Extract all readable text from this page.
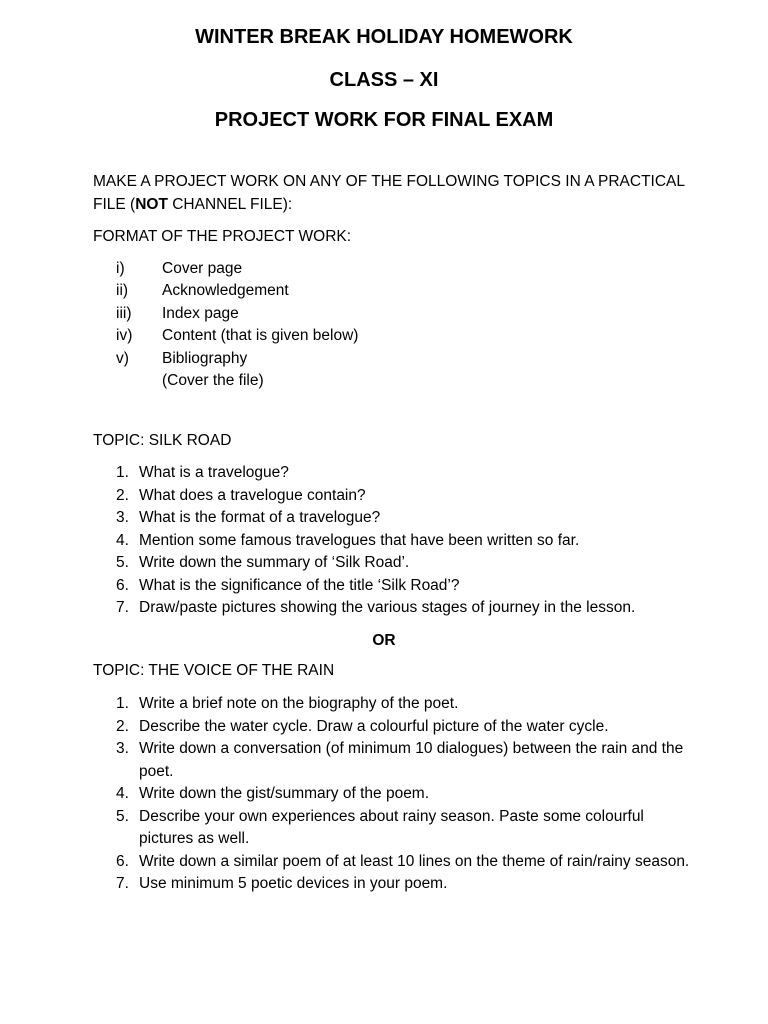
WINTER BREAK HOLIDAY HOMEWORK
CLASS – XI
PROJECT WORK FOR FINAL EXAM

MAKE A PROJECT WORK ON ANY OF THE FOLLOWING TOPICS IN A PRACTICAL FILE (NOT CHANNEL FILE):

FORMAT OF THE PROJECT WORK:

i)	Cover page
ii)	Acknowledgement
iii)	Index page
iv)	Content (that is given below)
v)	Bibliography
(Cover the file)

TOPIC: SILK ROAD

1. What is a travelogue?
2. What does a travelogue contain?
3. What is the format of a travelogue?
4. Mention some famous travelogues that have been written so far.
5. Write down the summary of ‘Silk Road’.
6. What is the significance of the title ‘Silk Road’?
7. Draw/paste pictures showing the various stages of journey in the lesson.

OR

TOPIC: THE VOICE OF THE RAIN

1. Write a brief note on the biography of the poet.
2. Describe the water cycle. Draw a colourful picture of the water cycle.
3. Write down a conversation (of minimum 10 dialogues) between the rain and the poet.
4. Write down the gist/summary of the poem.
5. Describe your own experiences about rainy season. Paste some colourful pictures as well.
6. Write down a similar poem of at least 10 lines on the theme of rain/rainy season.
7. Use minimum 5 poetic devices in your poem.
